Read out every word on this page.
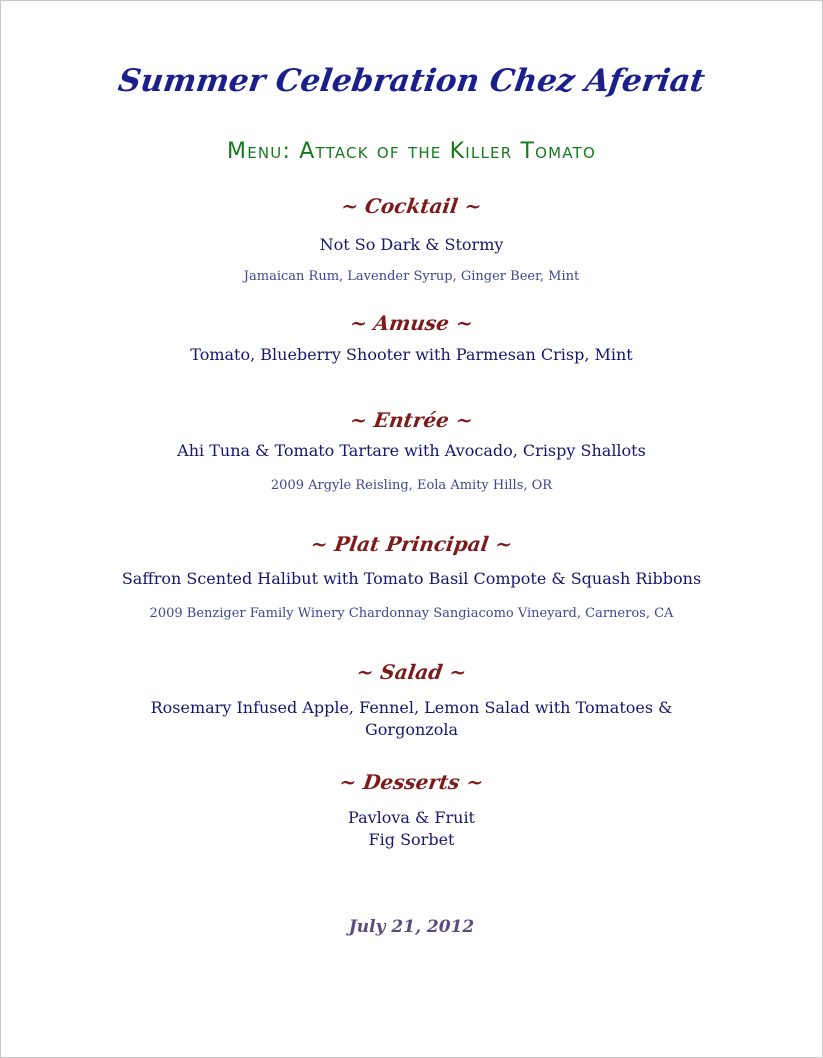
Summer Celebration Chez Aferiat
Menu: Attack of the Killer Tomato
~ Cocktail ~
Not So Dark & Stormy
Jamaican Rum, Lavender Syrup, Ginger Beer, Mint
~ Amuse ~
Tomato, Blueberry Shooter with Parmesan Crisp, Mint
~ Entrée ~
Ahi Tuna & Tomato Tartare with Avocado, Crispy Shallots
2009 Argyle Reisling, Eola Amity Hills, OR
~ Plat Principal ~
Saffron Scented Halibut with Tomato Basil Compote & Squash Ribbons
2009 Benziger Family Winery Chardonnay Sangiacomo Vineyard, Carneros, CA
~ Salad ~
Rosemary Infused Apple, Fennel, Lemon Salad with Tomatoes & Gorgonzola
~ Desserts ~
Pavlova & Fruit
Fig Sorbet
July 21, 2012
